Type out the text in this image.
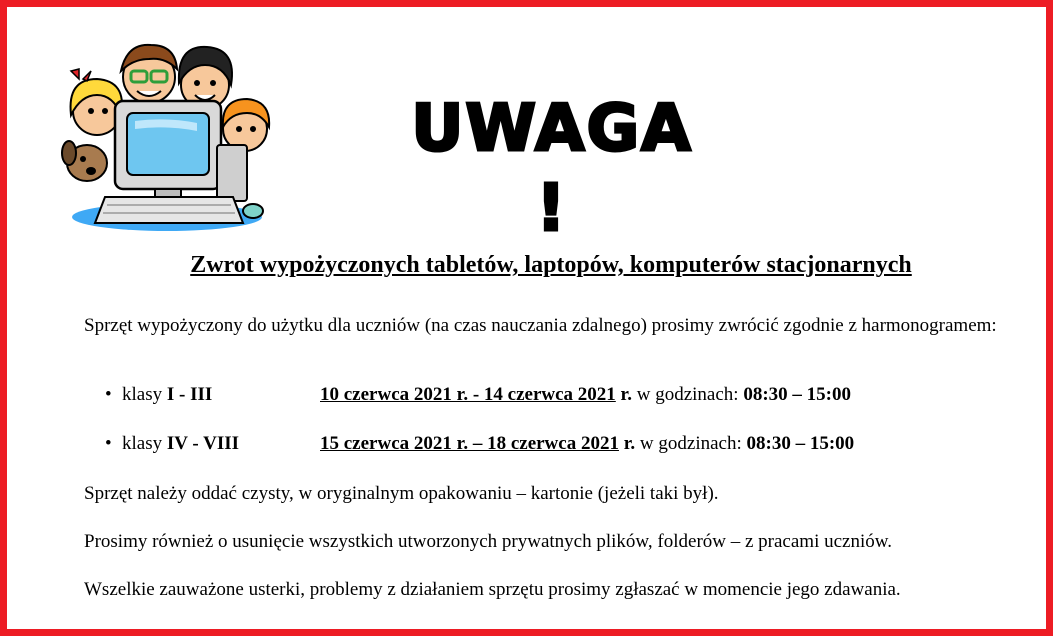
UWAGA !
Zwrot wypożyczonych tabletów, laptopów, komputerów stacjonarnych
Sprzęt wypożyczony do użytku dla uczniów (na czas nauczania zdalnego) prosimy zwrócić zgodnie z harmonogramem:
• klasy I - III	10 czerwca 2021 r. - 14 czerwca 2021 r. w godzinach: 08:30 – 15:00
• klasy IV - VIII	15 czerwca 2021 r. – 18 czerwca 2021 r. w godzinach: 08:30 – 15:00
Sprzęt należy oddać czysty, w oryginalnym opakowaniu – kartonie (jeżeli taki był).
Prosimy również o usunięcie wszystkich utworzonych prywatnych plików, folderów – z pracami uczniów.
Wszelkie zauważone usterki, problemy z działaniem sprzętu prosimy zgłaszać w momencie jego zdawania.
